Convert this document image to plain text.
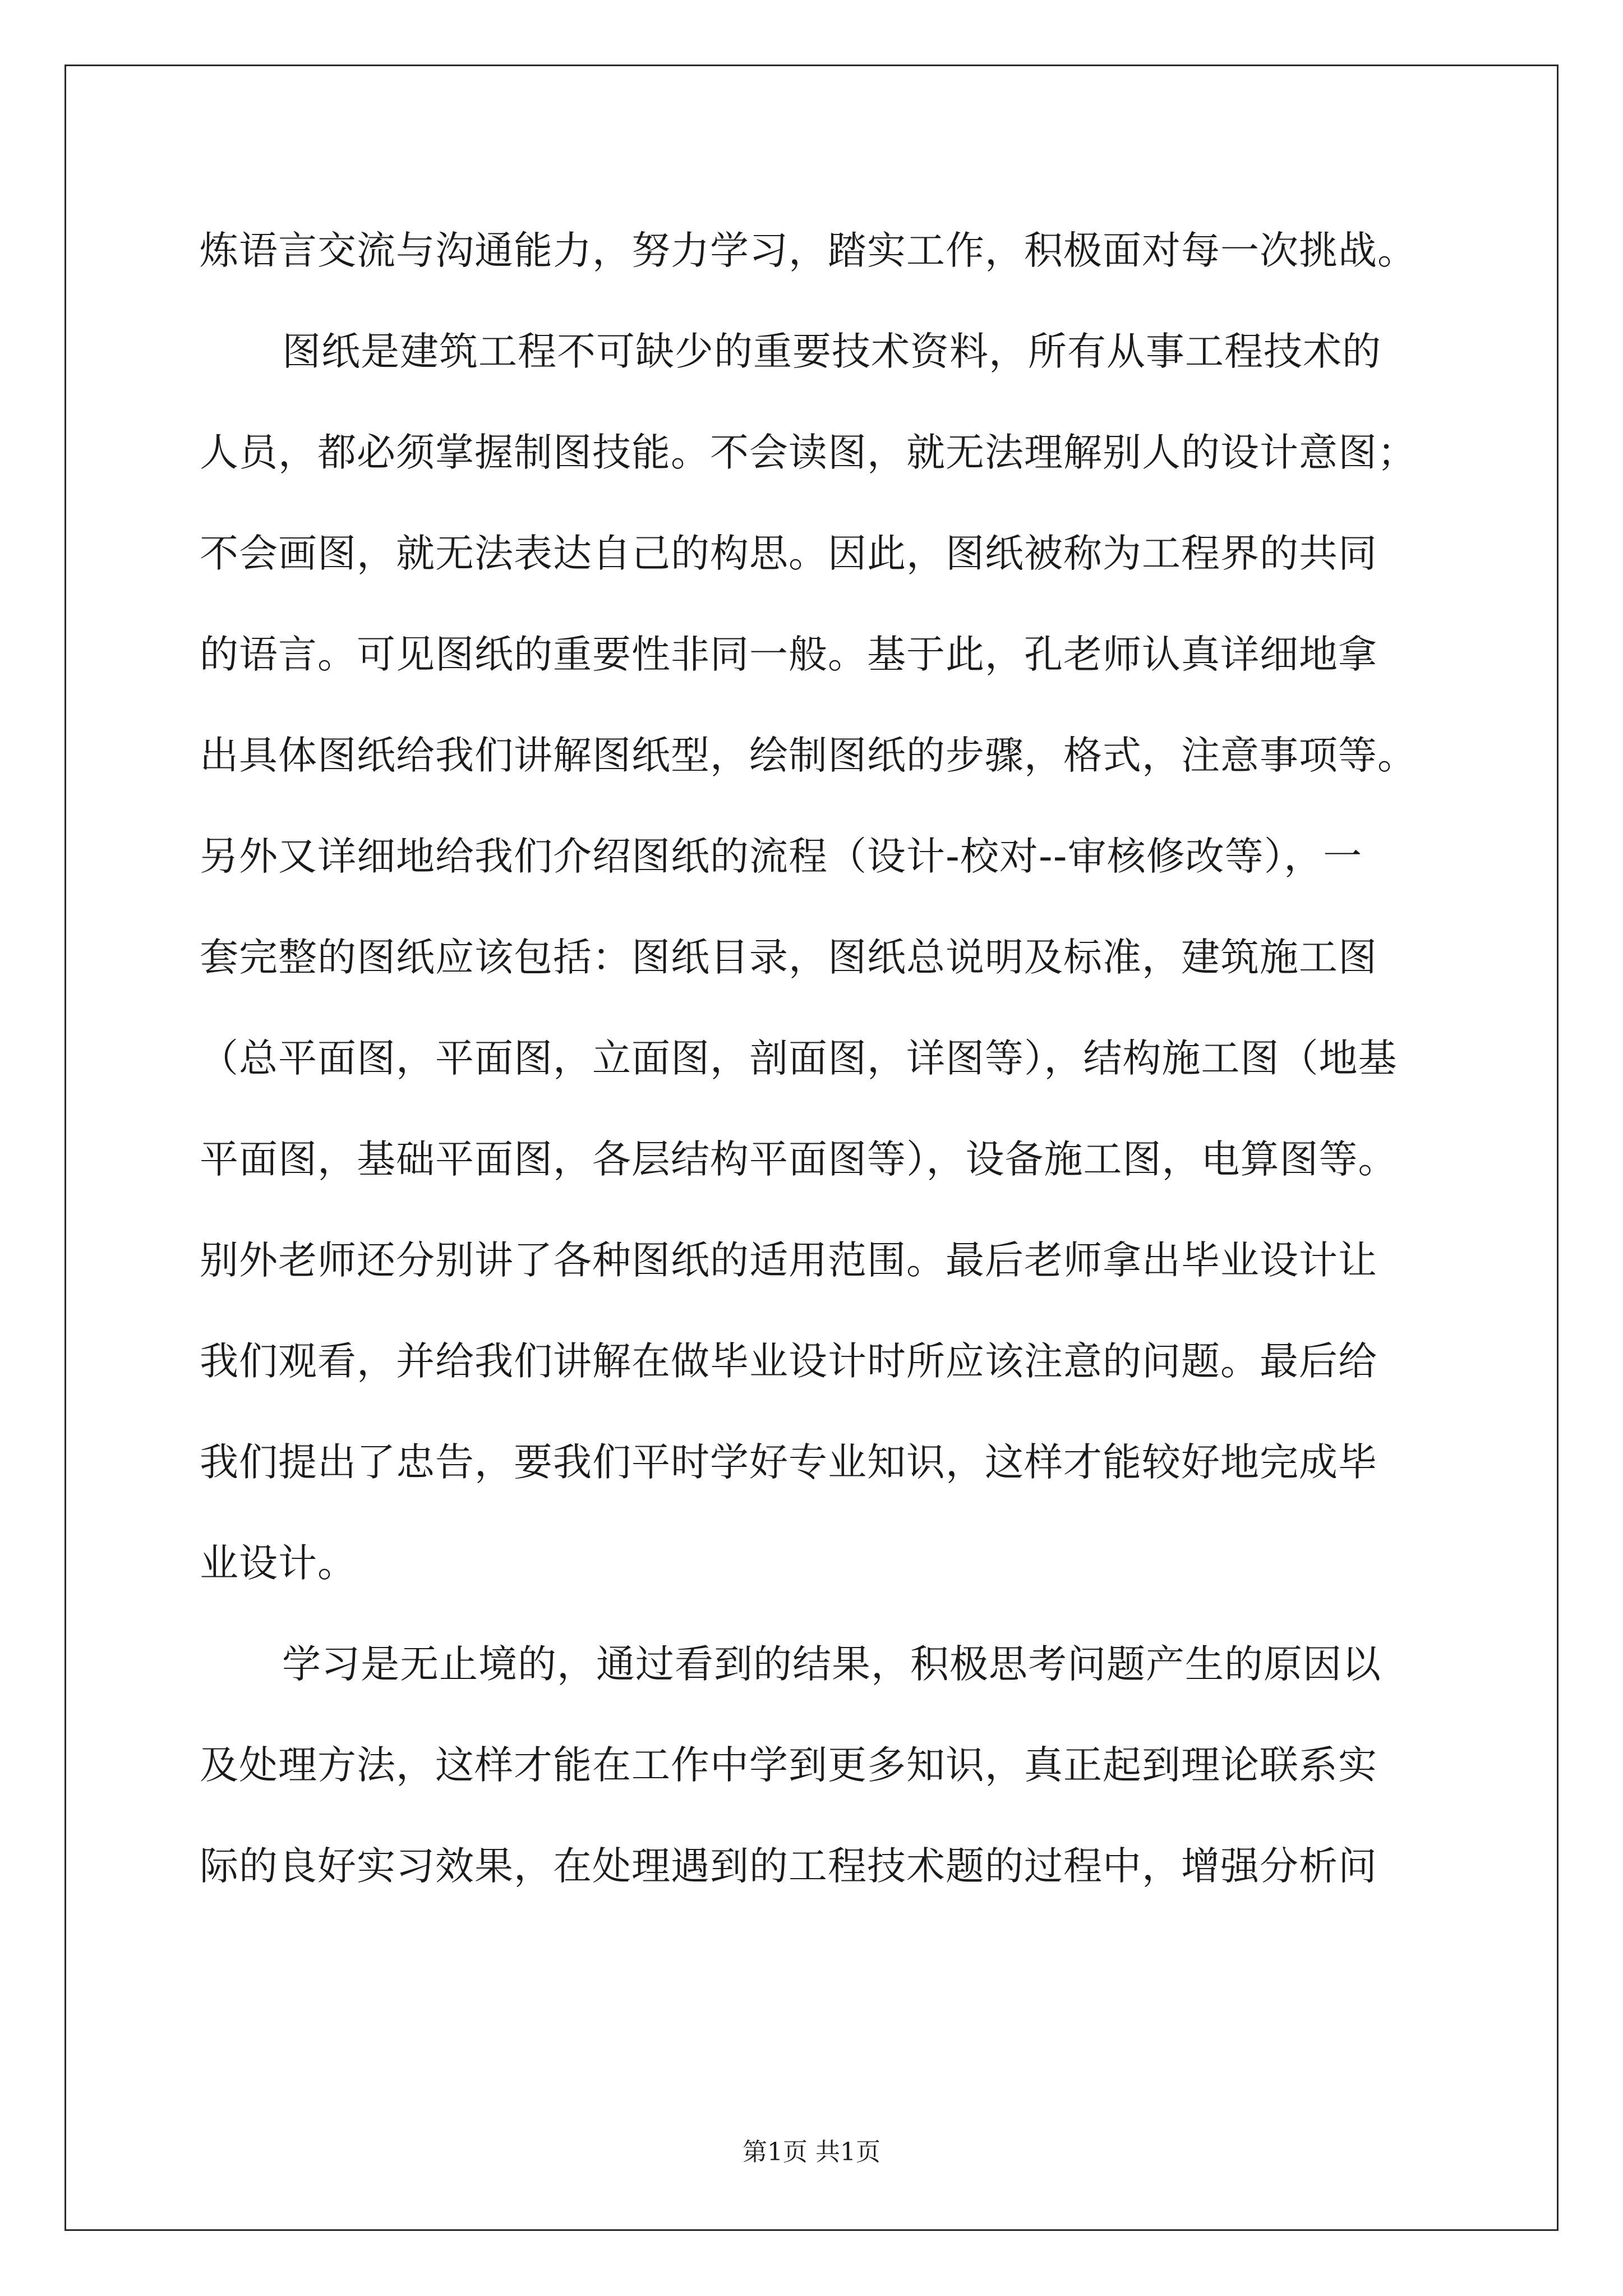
炼语言交流与沟通能力，努力学习，踏实工作，积极面对每一次挑战。
图纸是建筑工程不可缺少的重要技术资料，所有从事工程技术的
人员，都必须掌握制图技能。不会读图，就无法理解别人的设计意图；
不会画图，就无法表达自己的构思。因此，图纸被称为工程界的共同
的语言。可见图纸的重要性非同一般。基于此，孔老师认真详细地拿
出具体图纸给我们讲解图纸型，绘制图纸的步骤，格式，注意事项等。
另外又详细地给我们介绍图纸的流程（设计-校对--审核修改等），一
套完整的图纸应该包括：图纸目录，图纸总说明及标准，建筑施工图
（总平面图，平面图，立面图，剖面图，详图等），结构施工图（地基
平面图，基础平面图，各层结构平面图等），设备施工图，电算图等。
别外老师还分别讲了各种图纸的适用范围。最后老师拿出毕业设计让
我们观看，并给我们讲解在做毕业设计时所应该注意的问题。最后给
我们提出了忠告，要我们平时学好专业知识，这样才能较好地完成毕
业设计。
学习是无止境的，通过看到的结果，积极思考问题产生的原因以
及处理方法，这样才能在工作中学到更多知识，真正起到理论联系实
际的良好实习效果，在处理遇到的工程技术题的过程中，增强分析问
第1页 共1页
